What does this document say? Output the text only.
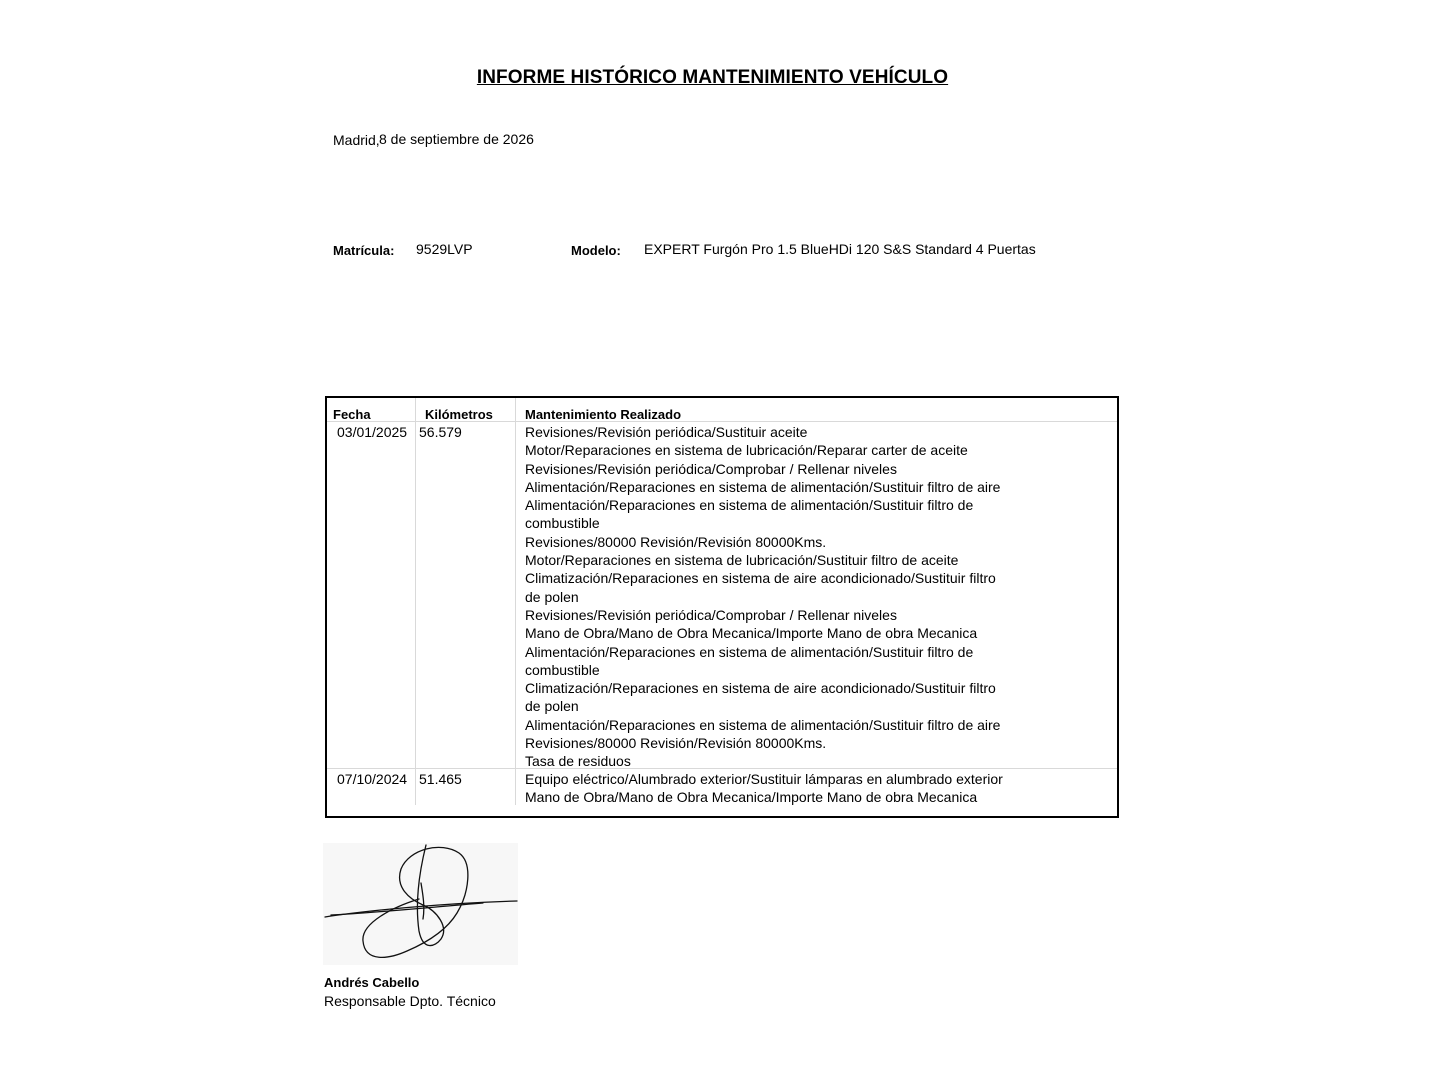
INFORME HISTÓRICO MANTENIMIENTO VEHÍCULO
Madrid, 8 de septiembre de 2026
Matrícula: 9529LVP	Modelo: EXPERT Furgón Pro 1.5 BlueHDi 120 S&S Standard 4 Puertas
Fecha	Kilómetros Mantenimiento Realizado
03/01/2025 56.579	Revisiones/Revisión periódica/Sustituir aceite
Motor/Reparaciones en sistema de lubricación/Reparar carter de aceite
Revisiones/Revisión periódica/Comprobar / Rellenar niveles
Alimentación/Reparaciones en sistema de alimentación/Sustituir filtro de aire
Alimentación/Reparaciones en sistema de alimentación/Sustituir filtro de combustible
Revisiones/80000 Revisión/Revisión 80000Kms.
Motor/Reparaciones en sistema de lubricación/Sustituir filtro de aceite
Climatización/Reparaciones en sistema de aire acondicionado/Sustituir filtro de polen
Revisiones/Revisión periódica/Comprobar / Rellenar niveles
Mano de Obra/Mano de Obra Mecanica/Importe Mano de obra Mecanica
Alimentación/Reparaciones en sistema de alimentación/Sustituir filtro de combustible
Climatización/Reparaciones en sistema de aire acondicionado/Sustituir filtro de polen
Alimentación/Reparaciones en sistema de alimentación/Sustituir filtro de aire
Revisiones/80000 Revisión/Revisión 80000Kms.
Tasa de residuos
07/10/2024 51.465	Equipo eléctrico/Alumbrado exterior/Sustituir lámparas en alumbrado exterior
Mano de Obra/Mano de Obra Mecanica/Importe Mano de obra Mecanica
Andrés Cabello
Responsable Dpto. Técnico
